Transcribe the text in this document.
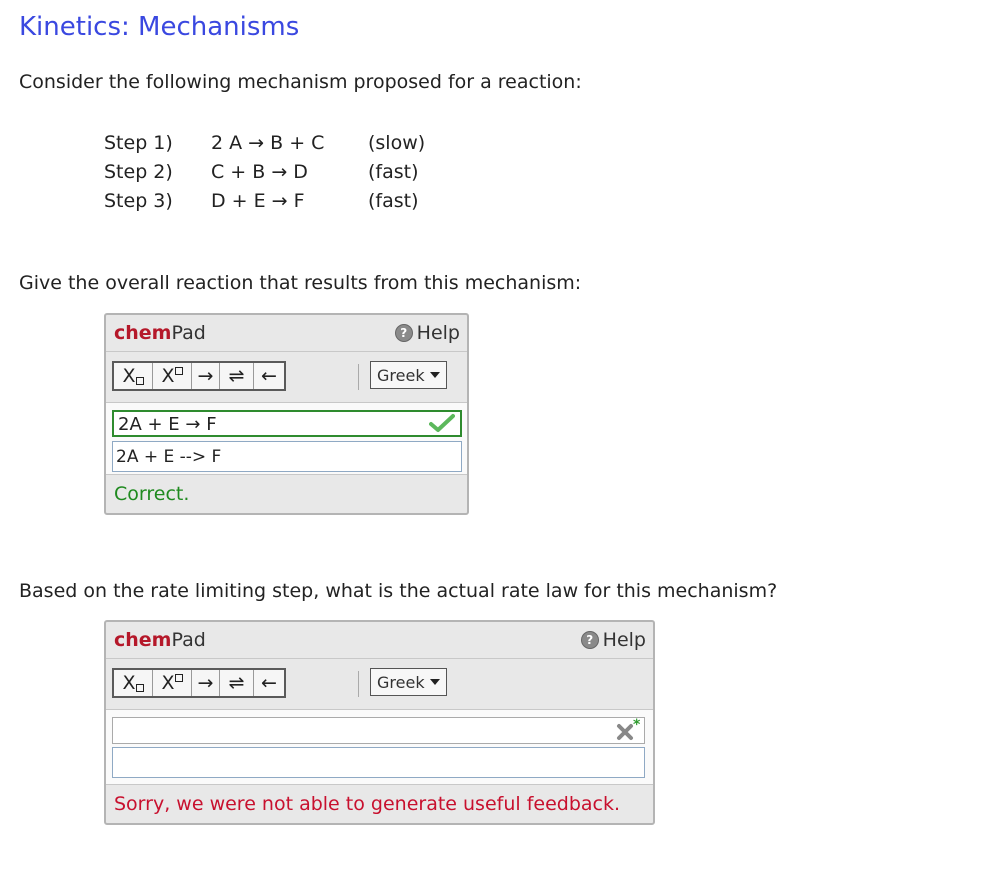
Kinetics: Mechanisms
Consider the following mechanism proposed for a reaction:
Step 1) 2 A → B + C (slow)
Step 2) C + B → D	(fast)
Step 3) D + E → F	(fast)
Give the overall reaction that results from this mechanism:
chemPad	? Help
X X → ⇌ ←	Greek
2A + E → F
2A + E --> F
Correct.
Based on the rate limiting step, what is the actual rate law for this mechanism?
chemPad	? Help
X X → ⇌ ←	Greek
*
Sorry, we were not able to generate useful feedback.
